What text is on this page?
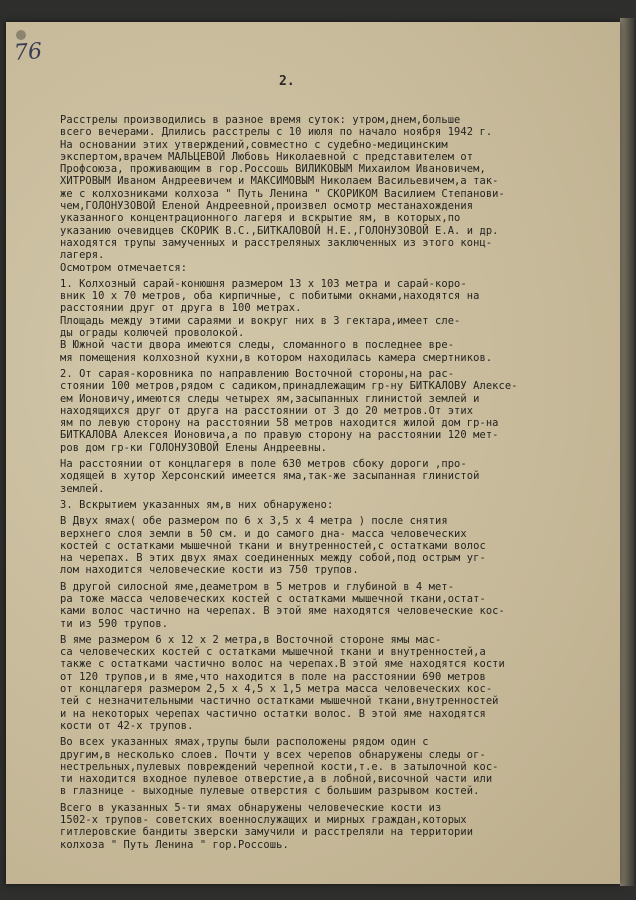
76
2.
Расстрелы производились в разное время суток: утром,днем,больше
всего вечерами. Длились расстрелы с 10 июля по начало ноября 1942 г.
На основании этих утверждений,совместно с судебно-медицинским
экспертом,врачем МАЛЬЦЕВОЙ Любовь Николаевной с представителем от
Профсоюза, проживающим в гор.Россошь ВИЛИКОВЫМ Михаилом Ивановичем,
ХИТРОВЫМ Иваном Андреевичем и МАКСИМОВЫМ Николаем Васильевичем,а так-
же с колхозниками колхоза " Путь Ленина " СКОРИКОМ Василием Степанови-
чем,ГОЛОНУЗОВОЙ Еленой Андреевной,произвел осмотр местанахождения
указанного концентрационного лагеря и вскрытие ям, в которых,по
указанию очевидцев СКОРИК В.С.,БИТКАЛОВОЙ Н.Е.,ГОЛОНУЗОВОЙ Е.А. и др.
находятся трупы замученных и расстреляных заключенных из этого конц-
лагеря.
Осмотром отмечается:
1. Колхозный сарай-конюшня размером 13 х 103 метра и сарай-коро-
вник 10 х 70 метров, оба кирпичные, с побитыми окнами,находятся на
расстоянии друг от друга в 100 метрах.
Площадь между этими сараями и вокруг них в 3 гектара,имеет сле-
ды ограды колючей проволокой.
В Южной части двора имеются следы, сломанного в последнее вре-
мя помещения колхозной кухни,в котором находилась камера смертников.
2. От сарая-коровника по направлению Восточной стороны,на рас-
стоянии 100 метров,рядом с садиком,принадлежащим гр-ну БИТКАЛОВУ Алексе-
ем Ионовичу,имеются следы четырех ям,засыпанных глинистой землей и
находящихся друг от друга на расстоянии от 3 до 20 метров.От этих
ям по левую сторону на расстоянии 58 метров находится жилой дом гр-на
БИТКАЛОВА Алексея Ионовича,а по правую сторону на расстоянии 120 мет-
ров дом гр-ки ГОЛОНУЗОВОЙ Елены Андреевны.
На расстоянии от концлагеря в поле 630 метров сбоку дороги ,про-
ходящей в хутор Херсонский имеется яма,так-же засыпанная глинистой
землей.
3. Вскрытием указанных ям,в них обнаружено:
В Двух ямах( обе размером по 6 х 3,5 х 4 метра ) после снятия
верхнего слоя земли в 50 см. и до самого дна- масса человеческих
костей с остатками мышечной ткани и внутренностей,с остатками волос
на черепах. В этих двух ямах соединенных между собой,под острым уг-
лом находится человеческие кости из 750 трупов.
В другой силосной яме,деаметром в 5 метров и глубиной в 4 мет-
ра тоже масса человеческих костей с остатками мышечной ткани,остат-
ками волос частично на черепах. В этой яме находятся человеческие кос-
ти из 590 трупов.
В яме размером 6 х 12 х 2 метра,в Восточной стороне ямы мас-
са человеческих костей с остатками мышечной ткани и внутренностей,а
также с остатками частично волос на черепах.В этой яме находятся кости
от 120 трупов,и в яме,что находится в поле на расстоянии 690 метров
от концлагеря размером 2,5 х 4,5 х 1,5 метра масса человеческих кос-
тей с незначительными частично остатками мышечной ткани,внутренностей
и на некоторых черепах частично остатки волос. В этой яме находятся
кости от 42-х трупов.
Во всех указанных ямах,трупы были расположены рядом один с
другим,в несколько слоев. Почти у всех черепов обнаружены следы ог-
нестрельных,пулевых повреждений черепной кости,т.е. в затылочной кос-
ти находится входное пулевое отверстие,а в лобной,височной части или
в глазнице - выходные пулевые отверстия с большим разрывом костей.
Всего в указанных 5-ти ямах обнаружены человеческие кости из
1502-х трупов- советских военнослужащих и мирных граждан,которых
гитлеровские бандиты зверски замучили и расстреляли на территории
колхоза " Путь Ленина " гор.Россошь.
